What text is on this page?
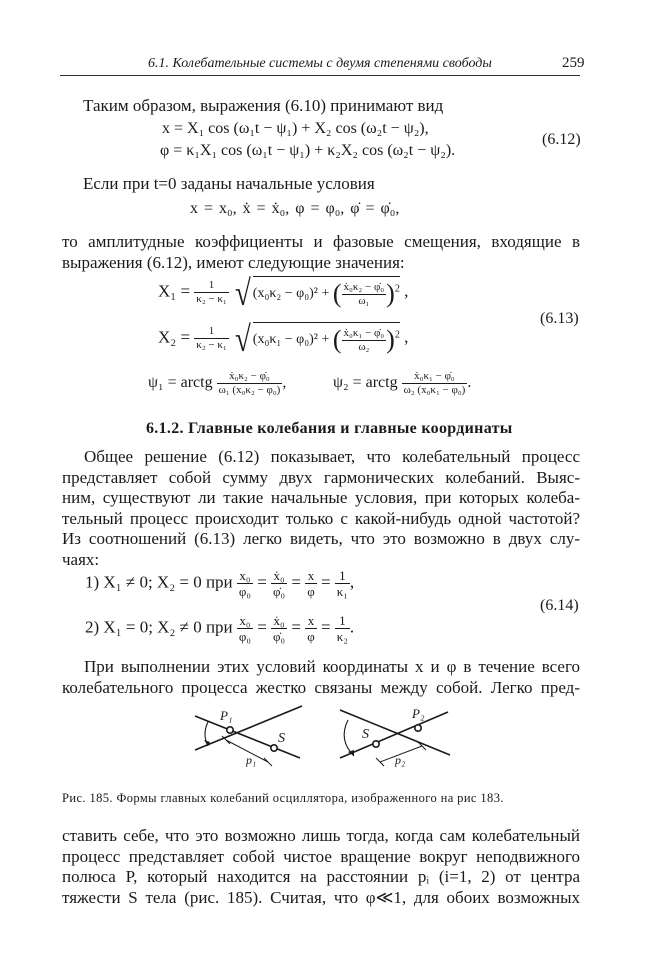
6.1. Колебательные системы с двумя степенями свободы	259
Таким образом, выражения (6.10) принимают вид
x = X₁ cos (ω₁t − ψ₁) + X₂ cos (ω₂t − ψ₂),
φ = κ₁X₁ cos (ω₁t − ψ₁) + κ₂X₂ cos (ω₂t − ψ₂).
(6.12)
Если при t=0 заданы начальные условия
x = x₀, ẋ = ẋ₀, φ = φ₀, φ̇ = φ̇₀,
то амплитудные коэффициенты и фазовые смещения, входящие в
выражения (6.12), имеют следующие значения:
$X_1 = \frac{1}{\text{κ₂ − κ₁}}$ √ (x₀κ₂ − φ₀)² + ( $\frac{\text{ẋ₀κ₂ − φ̇₀}}{\text{ω₁}} )^2$ ,
$X_2 = \frac{1}{\text{κ₂ − κ₁}}$ √ (x₀κ₁ − φ₀)² + ( $\frac{\text{ẋ₀κ₁ − φ̇₀}}{\text{ω₂}} )^2$ ,
(6.13)
ψ₁ = arctg $\frac{\text{ẋ₀κ₂ − φ̇₀}}{\text{ω₁ (x₀κ₂ − φ₀)}}$ ,	ψ₂ = arctg $\frac{\text{ẋ₀κ₁ − φ̇₀}}{\text{ω₂ (x₀κ₁ − φ₀)}}$ .
6.1.2. Главные колебания и главные координаты
Общее решение (6.12) показывает, что колебательный процесс
представляет собой сумму двух гармонических колебаний. Выяс-
ним, существуют ли такие начальные условия, при которых колеба-
тельный процесс происходит только с какой-нибудь одной частотой?
Из соотношений (6.13) легко видеть, что это возможно в двух слу-
чаях:
1) X₁ ≠ 0; X₂ = 0 при $\frac{\text{x₀}}{\text{φ₀}} = \frac{\text{ẋ₀}}{\text{φ̇₀}} = \frac{x}{\varphi} = \frac{1}{\text{κ₁}}$ ,
2) X₁ = 0; X₂ ≠ 0 при $\frac{\text{x₀}}{\text{φ₀}} = \frac{\text{ẋ₀}}{\text{φ̇₀}} = \frac{x}{\varphi} = \frac{1}{\text{κ₂}}$ .
(6.14)
При выполнении этих условий координаты x и φ в течение всего
колебательного процесса жестко связаны между собой. Легко пред-
P₁
S
p₁
P₂
S
p₂
Рис. 185. Формы главных колебаний осциллятора, изображенного на рис 183.
ставить себе, что это возможно лишь тогда, когда сам колебательный
процесс представляет собой чистое вращение вокруг неподвижного
полюса P, который находится на расстоянии pᵢ (i=1, 2) от центра
тяжести S тела (рис. 185). Считая, что φ≪1, для обоих возможных
